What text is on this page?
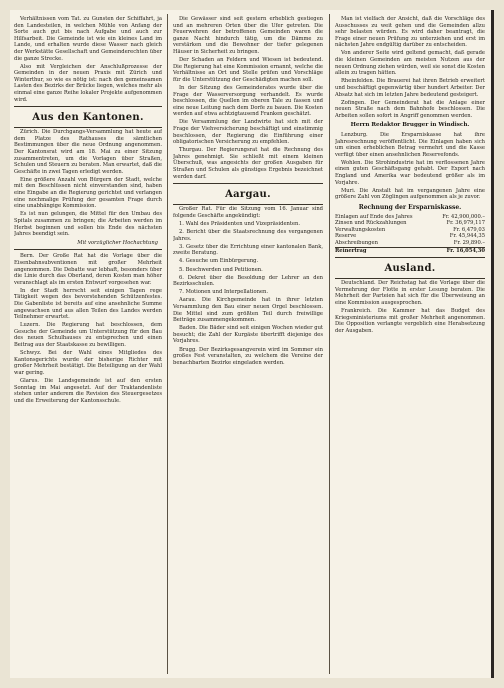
Verhältnissen vom Tat. zu Gunsten der Schiffahrt, ja den Landesteilen, in welchen Mühle von Anfang der Sorte auch gut bis nach Aufgabe und auch zur Hilfsarbeit. Die Gemeinde ist wie ein kleines Land im Lande, und erhalten wurde diese Wasser nach gleich der Werkstätte Gesellschaft und Gemeinderechten über die ganze Strecke.

Also mit Vergleichen der Anschlußprozesse der Gemeinden in der neuen Praxis mit Zürich und Winterthur, so wie es nötig ist: nach den gemeinsamen Lasten des Bezirks der Brücke liegen, welches mehr als einmal eine ganze Reihe lokaler Projekte aufgenommen wird.

Aus den Kantonen.

Zürich. Die Durchgangs-Versammlung hat heute auf dem Platze des Rathauses die sämtlichen Bestimmungen über die neue Ordnung angenommen. Der Kantonsrat wird am 18. Mai zu einer Sitzung zusammentreten, um die Vorlagen über Straßen, Schulen und Steuern zu beraten. Man erwartet, daß die Geschäfte in zwei Tagen erledigt werden.

Eine größere Anzahl von Bürgern der Stadt, welche mit den Beschlüssen nicht einverstanden sind, haben eine Eingabe an die Regierung gerichtet und verlangen eine nochmalige Prüfung der gesamten Frage durch eine unabhängige Kommission.

Es ist nun gelungen, die Mittel für den Umbau des Spitals zusammen zu bringen; die Arbeiten werden im Herbst beginnen und sollen bis Ende des nächsten Jahres beendigt sein.

Mit vorzüglicher Hochachtung

Bern. Der Große Rat hat die Vorlage über die Eisenbahnsubventionen mit großer Mehrheit angenommen. Die Debatte war lebhaft, besonders über die Linie durch das Oberland, deren Kosten man höher veranschlagt als im ersten Entwurf vorgesehen war.

In der Stadt herrscht seit einigen Tagen rege Tätigkeit wegen des bevorstehenden Schützenfestes. Die Gabenliste ist bereits auf eine ansehnliche Summe angewachsen und aus allen Teilen des Landes werden Teilnehmer erwartet.

Luzern. Die Regierung hat beschlossen, dem Gesuche der Gemeinde um Unterstützung für den Bau des neuen Schulhauses zu entsprechen und einen Beitrag aus der Staatskasse zu bewilligen.

Schwyz. Bei der Wahl eines Mitgliedes des Kantonsgerichts wurde der bisherige Richter mit großer Mehrheit bestätigt. Die Beteiligung an der Wahl war gering.

Glarus. Die Landsgemeinde ist auf den ersten Sonntag im Mai angesetzt. Auf der Traktandenliste stehen unter anderem die Revision des Steuergesetzes und die Erweiterung der Kantonsschule.

Die Gewässer sind seit gestern erheblich gestiegen und an mehreren Orten über die Ufer getreten. Die Feuerwehren der betroffenen Gemeinden waren die ganze Nacht hindurch tätig, um die Dämme zu verstärken und die Bewohner der tiefer gelegenen Häuser in Sicherheit zu bringen.

Der Schaden an Feldern und Wiesen ist bedeutend. Die Regierung hat eine Kommission ernannt, welche die Verhältnisse an Ort und Stelle prüfen und Vorschläge für die Unterstützung der Geschädigten machen soll.

In der Sitzung des Gemeinderates wurde über die Frage der Wasserversorgung verhandelt. Es wurde beschlossen, die Quellen im oberen Tale zu fassen und eine neue Leitung nach dem Dorfe zu bauen. Die Kosten werden auf etwa achtzigtausend Franken geschätzt.

Die Versammlung der Landwirte hat sich mit der Frage der Viehversicherung beschäftigt und einstimmig beschlossen, der Regierung die Einführung einer obligatorischen Versicherung zu empfehlen.

Thurgau. Der Regierungsrat hat die Rechnung des Jahres genehmigt. Sie schließt mit einem kleinen Überschuß, was angesichts der großen Ausgaben für Straßen und Schulen als günstiges Ergebnis bezeichnet werden darf.

Aargau.

Großer Rat. Für die Sitzung vom 16. Januar sind folgende Geschäfte angekündigt:

1. Wahl des Präsidenten und Vizepräsidenten.

2. Bericht über die Staatsrechnung des vergangenen Jahres.

3. Gesetz über die Errichtung einer kantonalen Bank, zweite Beratung.

4. Gesuche um Einbürgerung.

5. Beschwerden und Petitionen.

6. Dekret über die Besoldung der Lehrer an den Bezirksschulen.

7. Motionen und Interpellationen.

Aarau. Die Kirchgemeinde hat in ihrer letzten Versammlung den Bau einer neuen Orgel beschlossen. Die Mittel sind zum größten Teil durch freiwillige Beiträge zusammengekommen.

Baden. Die Bäder sind seit einigen Wochen wieder gut besucht; die Zahl der Kurgäste übertrifft diejenige des Vorjahres.

Brugg. Der Bezirksgesangverein wird im Sommer ein großes Fest veranstalten, zu welchem die Vereine der benachbarten Bezirke eingeladen werden.

Man ist vielfach der Ansicht, daß die Vorschläge des Ausschusses zu weit gehen und die Gemeinden allzu sehr belasten würden. Es wird daher beantragt, die Frage einer neuen Prüfung zu unterziehen und erst im nächsten Jahre endgültig darüber zu entscheiden.

Von anderer Seite wird geltend gemacht, daß gerade die kleinen Gemeinden am meisten Nutzen aus der neuen Ordnung ziehen würden, weil sie sonst die Kosten allein zu tragen hätten.

Rheinfelden. Die Brauerei hat ihren Betrieb erweitert und beschäftigt gegenwärtig über hundert Arbeiter. Der Absatz hat sich im letzten Jahre bedeutend gesteigert.

Zofingen. Der Gemeinderat hat die Anlage einer neuen Straße nach dem Bahnhofe beschlossen. Die Arbeiten sollen sofort in Angriff genommen werden.

Herrn Redaktor Brugger in Windisch.

Lenzburg. Die Ersparniskasse hat ihre Jahresrechnung veröffentlicht. Die Einlagen haben sich um einen erheblichen Betrag vermehrt und die Kasse verfügt über einen ansehnlichen Reservefonds.

Wohlen. Die Strohindustrie hat im verflossenen Jahre einen guten Geschäftsgang gehabt. Der Export nach England und Amerika war bedeutend größer als im Vorjahre.

Muri. Die Anstalt hat im vergangenen Jahre eine größere Zahl von Zöglingen aufgenommen als je zuvor.

Rechnung der Ersparniskasse.
Einlagen auf Ende des Jahres	Fr. 42,900,000.–
Zinsen und Rückzahlungen	Fr. 36,979,117
Verwaltungskosten	Fr. 6,479,03
Reserve	Fr. 45,944,35
Abschreibungen	Fr. 29,890.–
Reinertrag	Fr. 16,054,30
Ausland.

Deutschland. Der Reichstag hat die Vorlage über die Vermehrung der Flotte in erster Lesung beraten. Die Mehrheit der Parteien hat sich für die Überweisung an eine Kommission ausgesprochen.

Frankreich. Die Kammer hat das Budget des Kriegsministeriums mit großer Mehrheit angenommen. Die Opposition verlangte vergeblich eine Herabsetzung der Ausgaben.
